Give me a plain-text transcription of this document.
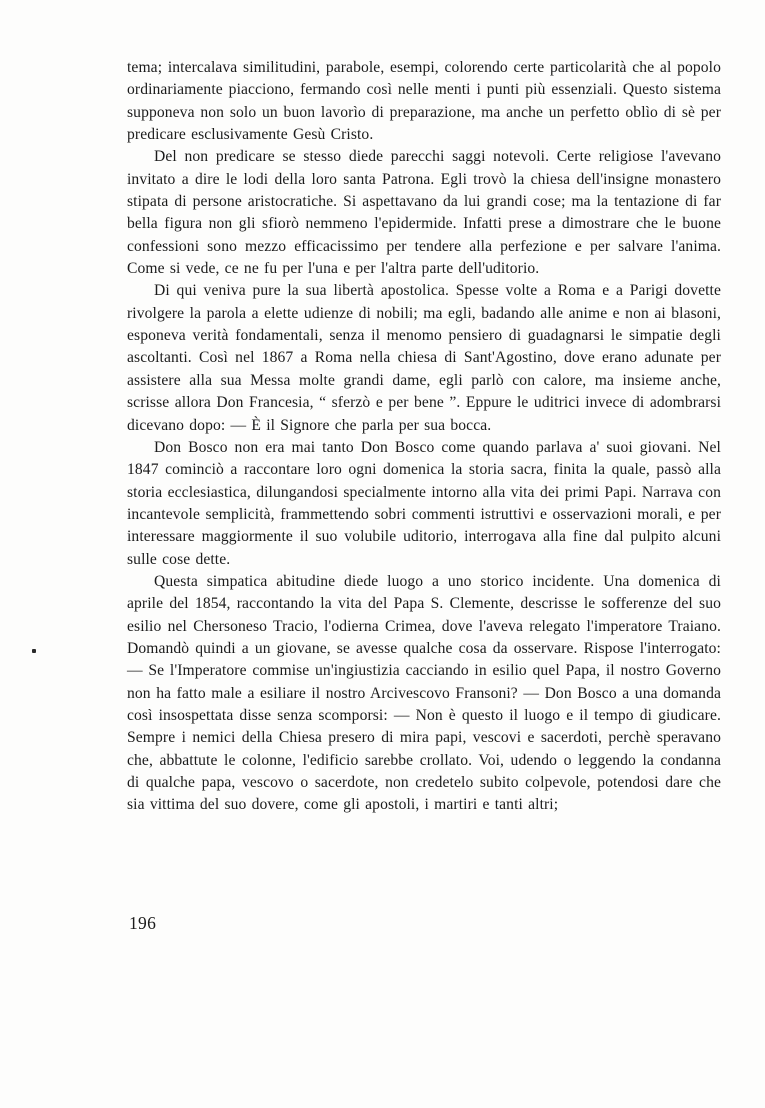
tema; intercalava similitudini, parabole, esempi, colorendo certe particolarità che al popolo ordinariamente piacciono, fermando così nelle menti i punti più essenziali. Questo sistema supponeva non solo un buon lavorìo di preparazione, ma anche un perfetto oblìo di sè per predicare esclusivamente Gesù Cristo.

Del non predicare se stesso diede parecchi saggi notevoli. Certe religiose l'avevano invitato a dire le lodi della loro santa Patrona. Egli trovò la chiesa dell'insigne monastero stipata di persone aristocratiche. Si aspettavano da lui grandi cose; ma la tentazione di far bella figura non gli sfiorò nemmeno l'epidermide. Infatti prese a dimostrare che le buone confessioni sono mezzo efficacissimo per tendere alla perfezione e per salvare l'anima. Come si vede, ce ne fu per l'una e per l'altra parte dell'uditorio.

Di qui veniva pure la sua libertà apostolica. Spesse volte a Roma e a Parigi dovette rivolgere la parola a elette udienze di nobili; ma egli, badando alle anime e non ai blasoni, esponeva verità fondamentali, senza il menomo pensiero di guadagnarsi le simpatie degli ascoltanti. Così nel 1867 a Roma nella chiesa di Sant'Agostino, dove erano adunate per assistere alla sua Messa molte grandi dame, egli parlò con calore, ma insieme anche, scrisse allora Don Francesia, “ sferzò e per bene ”. Eppure le uditrici invece di adombrarsi dicevano dopo: — È il Signore che parla per sua bocca.

Don Bosco non era mai tanto Don Bosco come quando parlava a' suoi giovani. Nel 1847 cominciò a raccontare loro ogni domenica la storia sacra, finita la quale, passò alla storia ecclesiastica, dilungandosi specialmente intorno alla vita dei primi Papi. Narrava con incantevole semplicità, frammettendo sobri commenti istruttivi e osservazioni morali, e per interessare maggiormente il suo volubile uditorio, interrogava alla fine dal pulpito alcuni sulle cose dette.

Questa simpatica abitudine diede luogo a uno storico incidente. Una domenica di aprile del 1854, raccontando la vita del Papa S. Clemente, descrisse le sofferenze del suo esilio nel Chersoneso Tracio, l'odierna Crimea, dove l'aveva relegato l'imperatore Traiano. Domandò quindi a un giovane, se avesse qualche cosa da osservare. Rispose l'interrogato: — Se l'Imperatore commise un'ingiustizia cacciando in esilio quel Papa, il nostro Governo non ha fatto male a esiliare il nostro Arcivescovo Fransoni? — Don Bosco a una domanda così insospettata disse senza scomporsi: — Non è questo il luogo e il tempo di giudicare. Sempre i nemici della Chiesa presero di mira papi, vescovi e sacerdoti, perchè speravano che, abbattute le colonne, l'edificio sarebbe crollato. Voi, udendo o leggendo la condanna di qualche papa, vescovo o sacerdote, non credetelo subito colpevole, potendosi dare che sia vittima del suo dovere, come gli apostoli, i martiri e tanti altri;

196
